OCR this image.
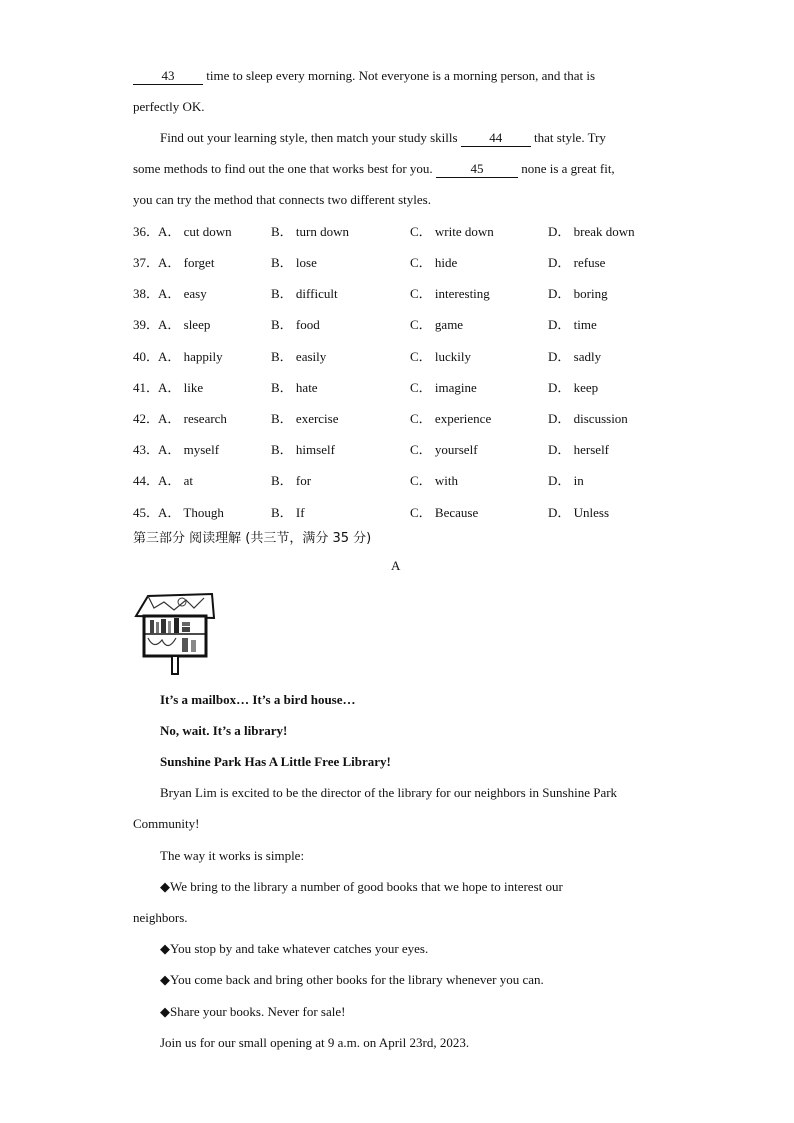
43 time to sleep every morning. Not everyone is a morning person, and that is
perfectly OK.
Find out your learning style, then match your study skills 44 that style. Try
some methods to find out the one that works best for you.	45	none is a great fit,
you can try the method that connects two different styles.
36．
A． cut down	B． turn down	C． write down	D． break down
37．
A． forget	B． lose	C． hide	D． refuse
38．
A． easy	B． difficult	C． interesting	D． boring
39．
A． sleep	B． food	C． game	D． time
40．
A． happily	B． easily	C． luckily	D． sadly
41．
A． like	B． hate	C． imagine	D． keep
42．
A． research	B． exercise	C． experience	D． discussion
43．
A． myself	B． himself	C． yourself	D． herself
44．
A． at	B． for	C． with	D． in
45．
A． Though	B． If	C． Because	D． Unless
第三部分 阅读理解 (共三节，满分 35 分)
A
It’s a mailbox… It’s a bird house…
No, wait. It’s a library!
Sunshine Park Has A Little Free Library!
Bryan Lim is excited to be the director of the library for our neighbors in Sunshine Park
Community!
The way it works is simple:
◆We bring to the library a number of good books that we hope to interest our
neighbors.
◆You stop by and take whatever catches your eyes.
◆You come back and bring other books for the library whenever you can.
◆Share your books. Never for sale!
Join us for our small opening at 9 a.m. on April 23rd, 2023.
